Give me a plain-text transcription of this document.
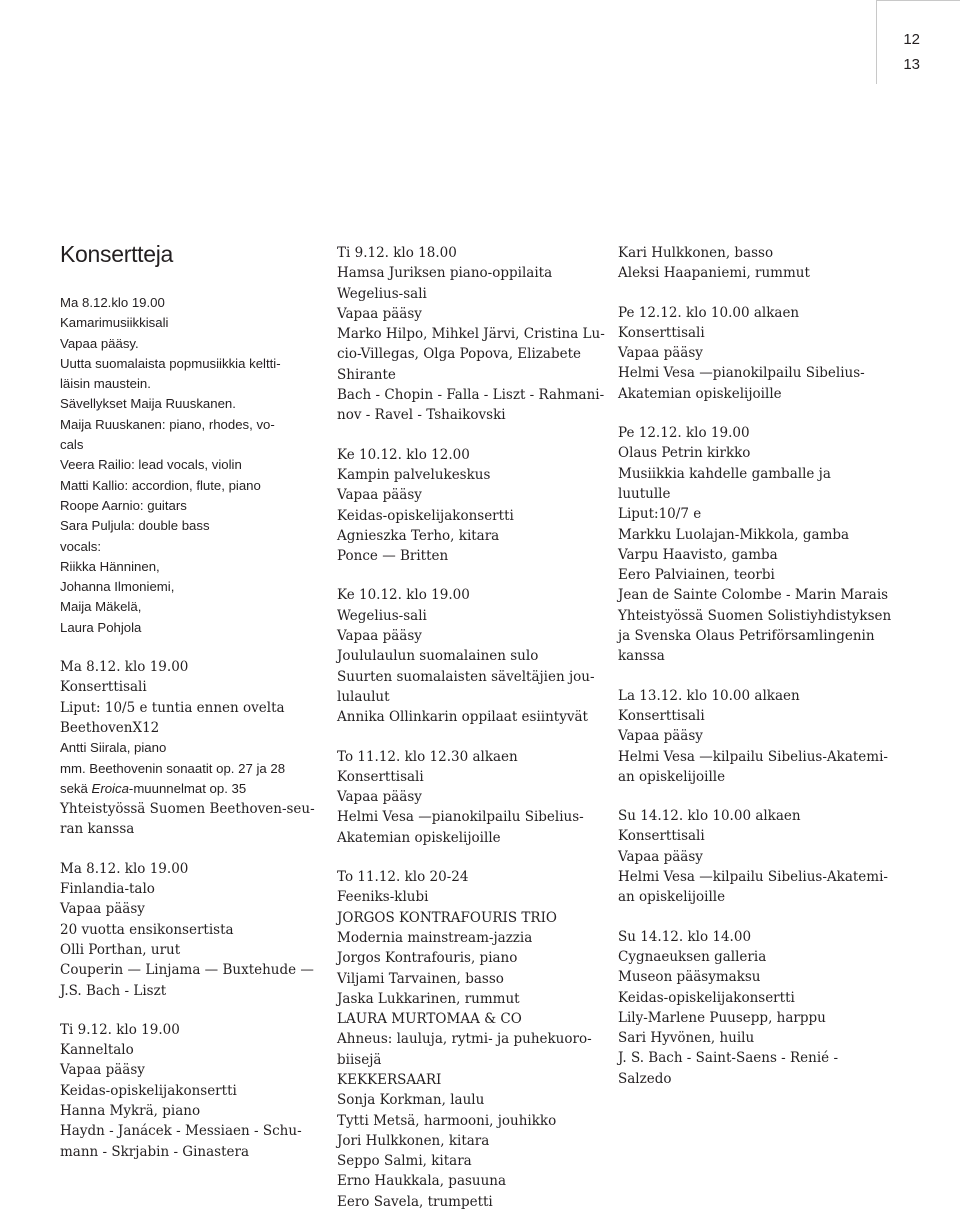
12
13
Konsertteja
Ma 8.12.klo 19.00
Kamarimusiikkisali
Vapaa pääsy.
Uutta suomalaista popmusiikkia keltti-
läisin maustein.
Sävellykset Maija Ruuskanen.
Maija Ruuskanen: piano, rhodes, vo-
cals
Veera Railio: lead vocals, violin
Matti Kallio: accordion, flute, piano
Roope Aarnio: guitars
Sara Puljula: double bass
vocals:
Riikka Hänninen,
Johanna Ilmoniemi,
Maija Mäkelä,
Laura Pohjola
Ma 8.12. klo 19.00
Konserttisali
Liput: 10/5 e tuntia ennen ovelta
BeethovenX12
Antti Siirala, piano
mm. Beethovenin sonaatit op. 27 ja 28
sekä Eroica-muunnelmat op. 35
Yhteistyössä Suomen Beethoven-seu-
ran kanssa
Ma 8.12. klo 19.00
Finlandia-talo
Vapaa pääsy
20 vuotta ensikonsertista
Olli Porthan, urut
Couperin — Linjama — Buxtehude —
J.S. Bach - Liszt
Ti 9.12. klo 19.00
Kanneltalo
Vapaa pääsy
Keidas-opiskelijakonsertti
Hanna Mykrä, piano
Haydn - Janácek - Messiaen - Schu-
mann - Skrjabin - Ginastera
Ti 9.12. klo 18.00
Hamsa Juriksen piano-oppilaita
Wegelius-sali
Vapaa pääsy
Marko Hilpo, Mihkel Järvi, Cristina Lu-
cio-Villegas, Olga Popova, Elizabete
Shirante
Bach - Chopin - Falla - Liszt - Rahmani-
nov - Ravel - Tshaikovski
Ke 10.12. klo 12.00
Kampin palvelukeskus
Vapaa pääsy
Keidas-opiskelijakonsertti
Agnieszka Terho, kitara
Ponce — Britten
Ke 10.12. klo 19.00
Wegelius-sali
Vapaa pääsy
Joululaulun suomalainen sulo
Suurten suomalaisten säveltäjien jou-
lulaulut
Annika Ollinkarin oppilaat esiintyvät
To 11.12. klo 12.30 alkaen
Konserttisali
Vapaa pääsy
Helmi Vesa —pianokilpailu Sibelius-
Akatemian opiskelijoille
To 11.12. klo 20-24
Feeniks-klubi
JORGOS KONTRAFOURIS TRIO
Modernia mainstream-jazzia
Jorgos Kontrafouris, piano
Viljami Tarvainen, basso
Jaska Lukkarinen, rummut
LAURA MURTOMAA & CO
Ahneus: lauluja, rytmi- ja puhekuoro-
biisejä
KEKKERSAARI
Sonja Korkman, laulu
Tytti Metsä, harmooni, jouhikko
Jori Hulkkonen, kitara
Seppo Salmi, kitara
Erno Haukkala, pasuuna
Eero Savela, trumpetti
Kari Hulkkonen, basso
Aleksi Haapaniemi, rummut
Pe 12.12. klo 10.00 alkaen
Konserttisali
Vapaa pääsy
Helmi Vesa —pianokilpailu Sibelius-
Akatemian opiskelijoille
Pe 12.12. klo 19.00
Olaus Petrin kirkko
Musiikkia kahdelle gamballe ja
luutulle
Liput:10/7 e
Markku Luolajan-Mikkola, gamba
Varpu Haavisto, gamba
Eero Palviainen, teorbi
Jean de Sainte Colombe - Marin Marais
Yhteistyössä Suomen Solistiyhdistyksen
ja Svenska Olaus Petriförsamlingenin
kanssa
La 13.12. klo 10.00 alkaen
Konserttisali
Vapaa pääsy
Helmi Vesa —kilpailu Sibelius-Akatemi-
an opiskelijoille
Su 14.12. klo 10.00 alkaen
Konserttisali
Vapaa pääsy
Helmi Vesa —kilpailu Sibelius-Akatemi-
an opiskelijoille
Su 14.12. klo 14.00
Cygnaeuksen galleria
Museon pääsymaksu
Keidas-opiskelijakonsertti
Lily-Marlene Puusepp, harppu
Sari Hyvönen, huilu
J. S. Bach - Saint-Saens - Renié -
Salzedo
